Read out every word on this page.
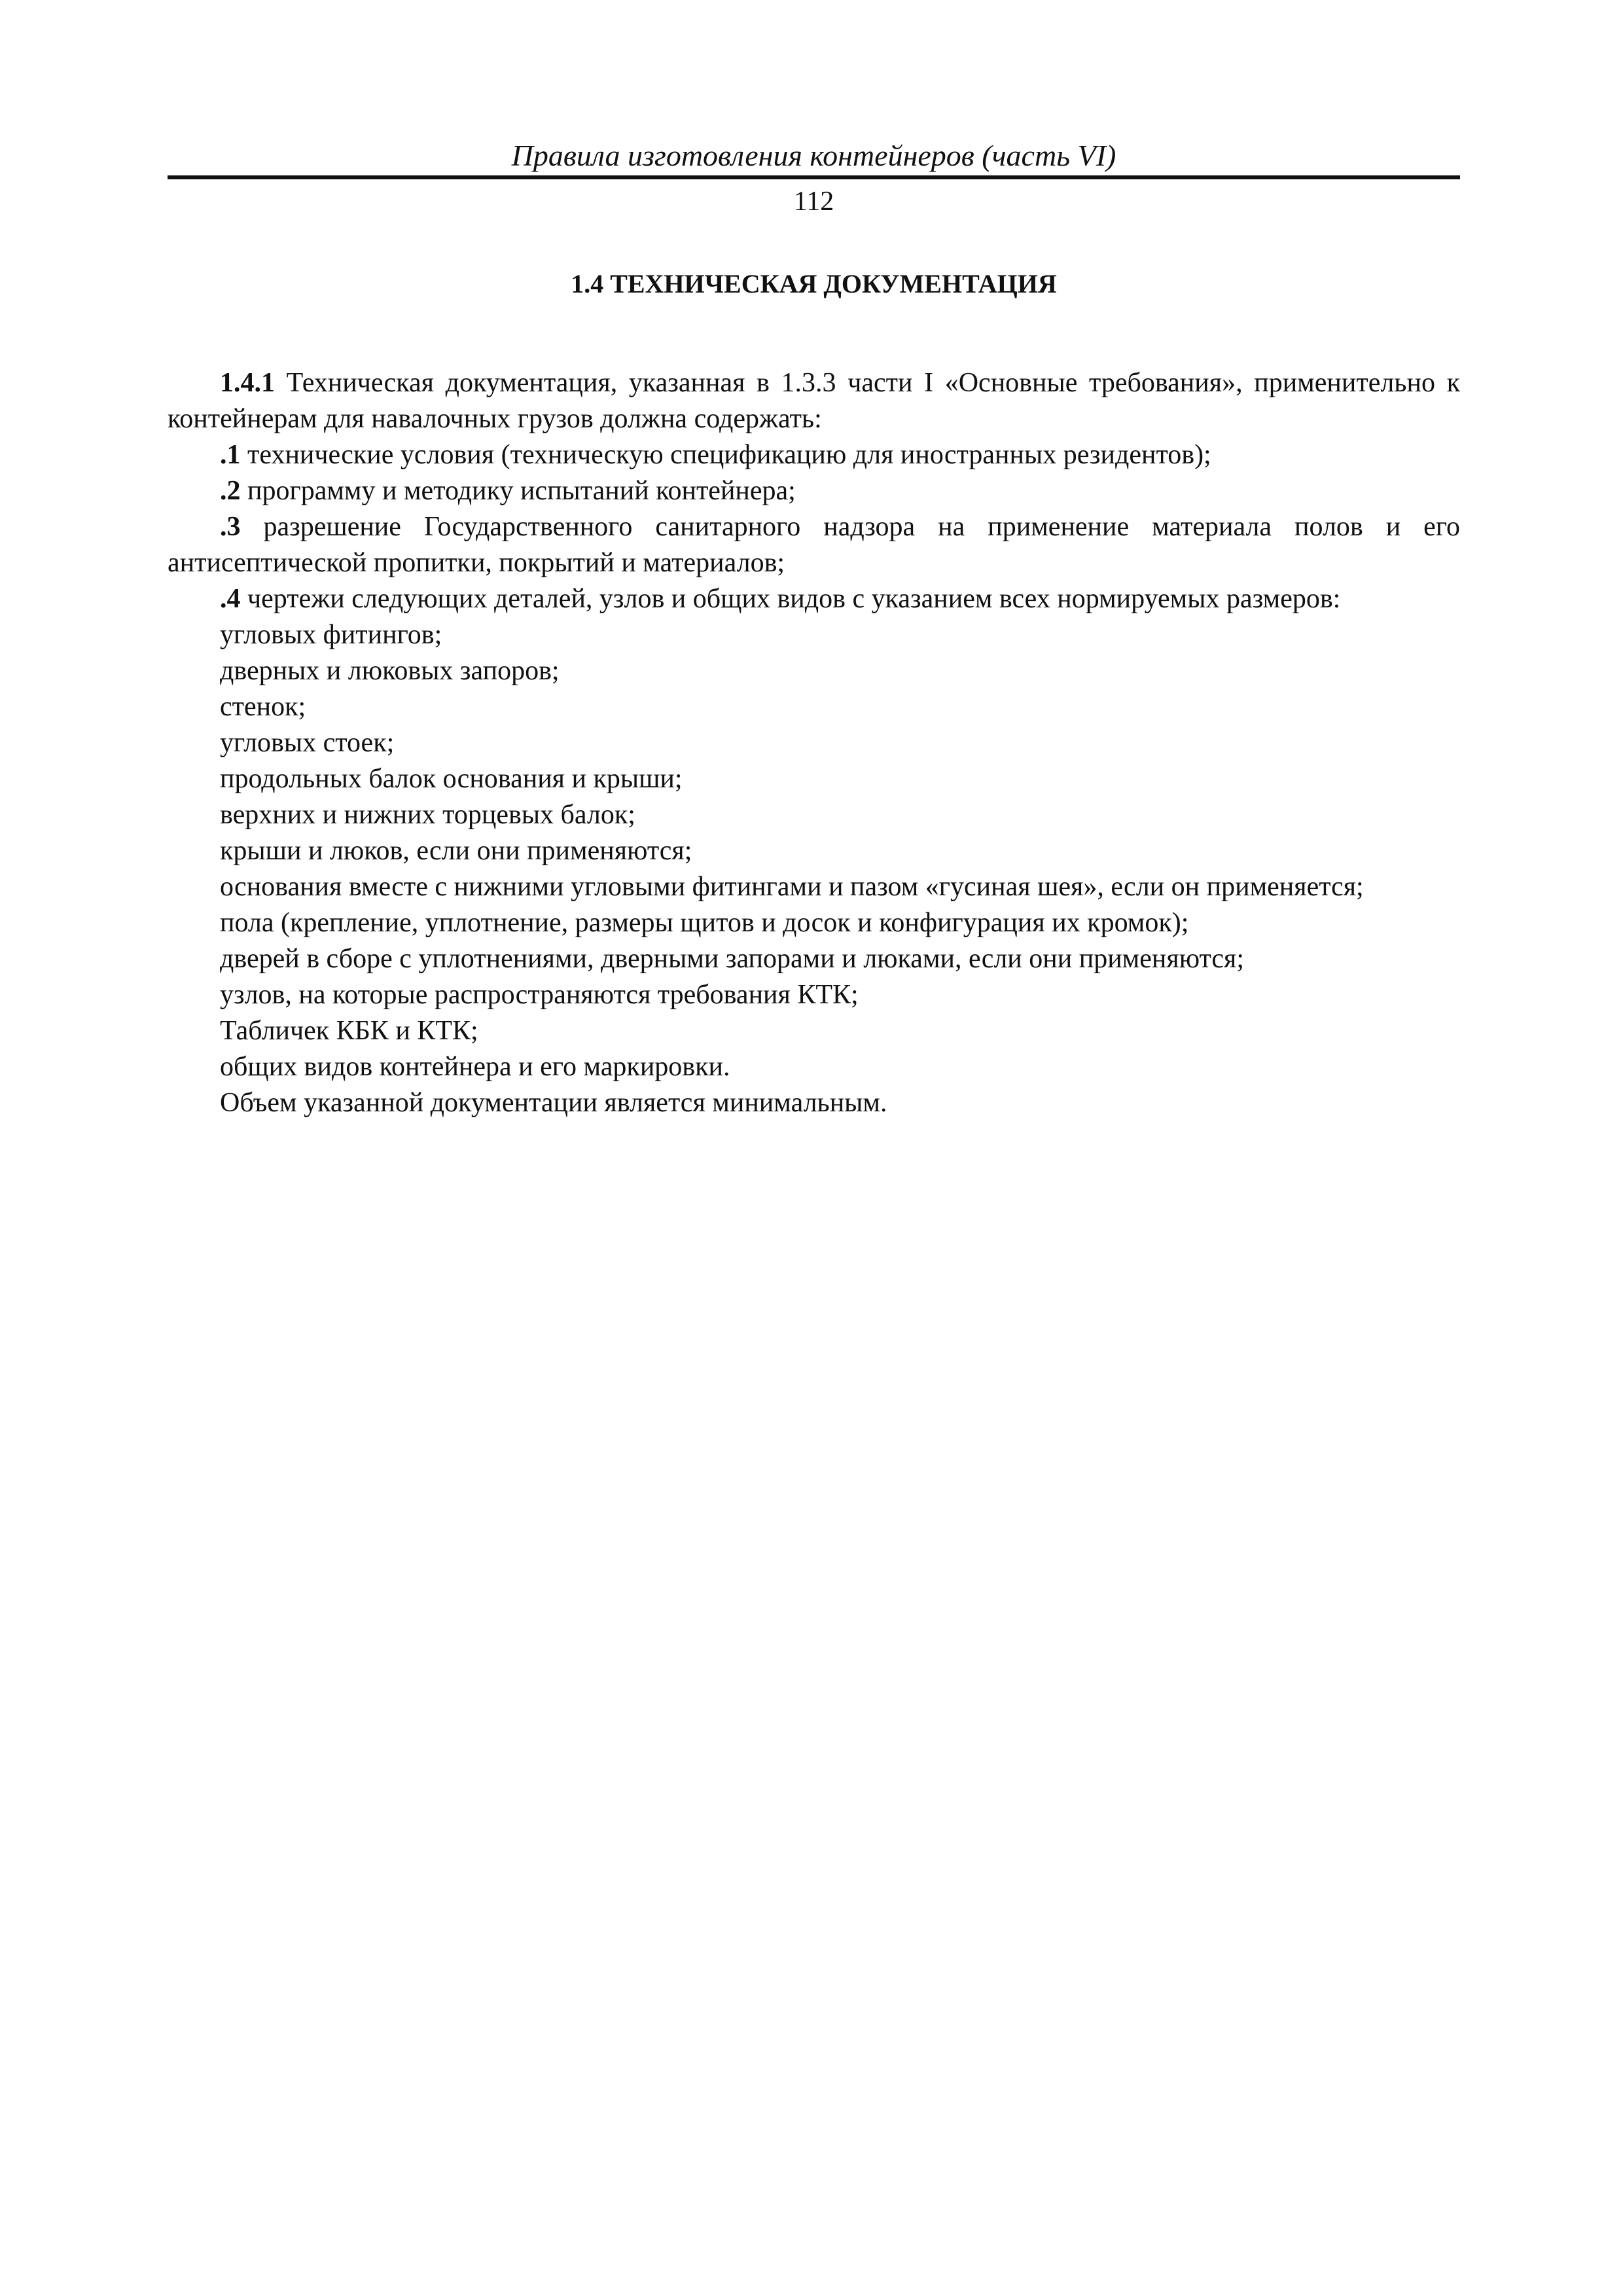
Правила изготовления контейнеров (часть VI)
112
1.4 ТЕХНИЧЕСКАЯ ДОКУМЕНТАЦИЯ

1.4.1 Техническая документация, указанная в 1.3.3 части I «Основные требования», применительно к контейнерам для навалочных грузов должна содержать:

.1 технические условия (техническую спецификацию для иностранных резидентов);

.2 программу и методику испытаний контейнера;

.3 разрешение Государственного санитарного надзора на применение материала полов и его антисептической пропитки, покрытий и материалов;

.4 чертежи следующих деталей, узлов и общих видов с указанием всех нормируемых размеров:

угловых фитингов;

дверных и люковых запоров;

стенок;

угловых стоек;

продольных балок основания и крыши;

верхних и нижних торцевых балок;

крыши и люков, если они применяются;

основания вместе с нижними угловыми фитингами и пазом «гусиная шея», если он применяется;

пола (крепление, уплотнение, размеры щитов и досок и конфигурация их кромок);

дверей в сборе с уплотнениями, дверными запорами и люками, если они применяются;

узлов, на которые распространяются требования КТК;

Табличек КБК и КТК;

общих видов контейнера и его маркировки.

Объем указанной документации является минимальным.
